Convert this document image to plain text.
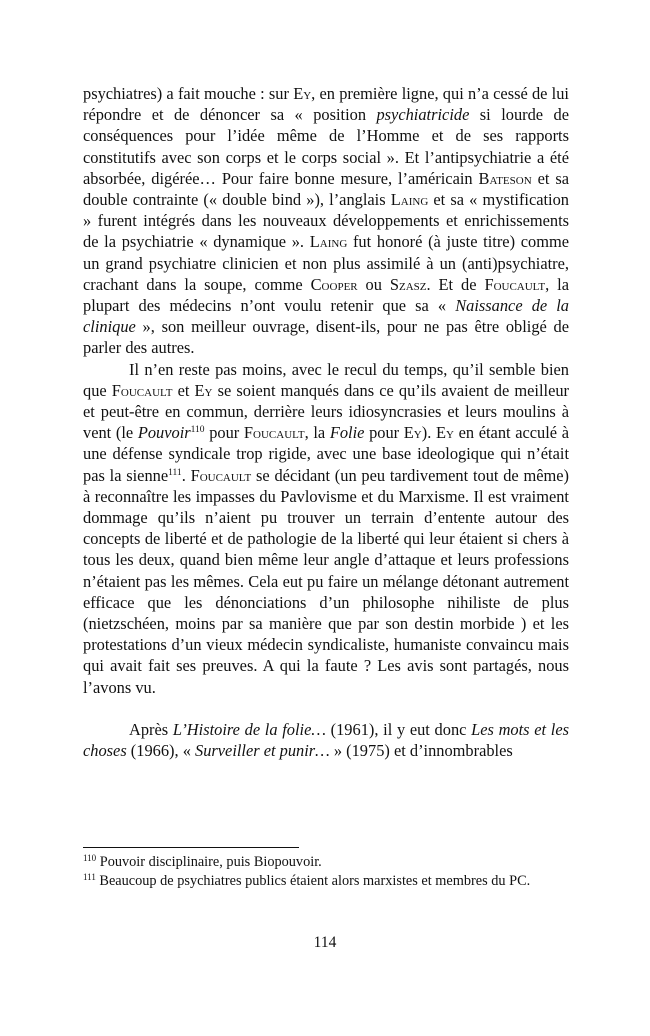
psychiatres) a fait mouche : sur Ey, en première ligne, qui n’a cessé de lui répondre et de dénoncer sa « position psychiatricide si lourde de conséquences pour l’idée même de l’Homme et de ses rapports constitutifs avec son corps et le corps social ». Et l’antipsychiatrie a été absorbée, digérée… Pour faire bonne mesure, l’américain Bateson et sa double contrainte (« double bind »), l’anglais Laing et sa « mystification » furent intégrés dans les nouveaux développements et enrichissements de la psychiatrie « dynamique ». Laing fut honoré (à juste titre) comme un grand psychiatre clinicien et non plus assimilé à un (anti)psychiatre, crachant dans la soupe, comme Cooper ou Szasz. Et de Foucault, la plupart des médecins n’ont voulu retenir que sa « Naissance de la clinique », son meilleur ouvrage, disent-ils, pour ne pas être obligé de parler des autres.

Il n’en reste pas moins, avec le recul du temps, qu’il semble bien que Foucault et Ey se soient manqués dans ce qu’ils avaient de meilleur et peut-être en commun, derrière leurs idiosyncrasies et leurs moulins à vent (le Pouvoir$^{110}$ pour Foucault, la Folie pour Ey). Ey en étant acculé à une défense syndicale trop rigide, avec une base ideologique qui n’était pas la sienne$^{111}$. Foucault se décidant (un peu tardivement tout de même) à reconnaître les impasses du Pavlovisme et du Marxisme. Il est vraiment dommage qu’ils n’aient pu trouver un terrain d’entente autour des concepts de liberté et de pathologie de la liberté qui leur étaient si chers à tous les deux, quand bien même leur angle d’attaque et leurs professions n’étaient pas les mêmes. Cela eut pu faire un mélange détonant autrement efficace que les dénonciations d’un philosophe nihiliste de plus (nietzschéen, moins par sa manière que par son destin morbide ) et les protestations d’un vieux médecin syndicaliste, humaniste convaincu mais qui avait fait ses preuves. A qui la faute ? Les avis sont partagés, nous l’avons vu.

Après L’Histoire de la folie… (1961), il y eut donc Les mots et les choses (1966), « Surveiller et punir… » (1975) et d’innombrables

$^{110}$ Pouvoir disciplinaire, puis Biopouvoir.

$^{111}$ Beaucoup de psychiatres publics étaient alors marxistes et membres du PC.

114
